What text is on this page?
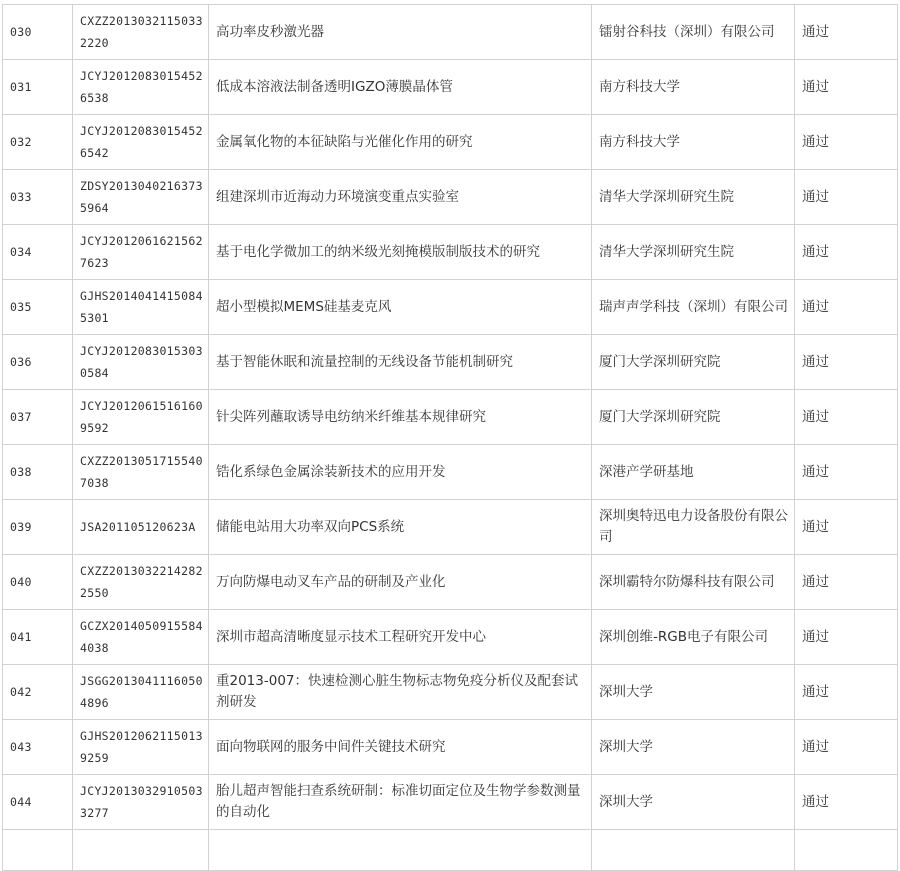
030	CXZZ20130321150332220	高功率皮秒激光器	镭射谷科技（深圳）有限公司	通过
031	JCYJ20120830154526538	低成本溶液法制备透明IGZO薄膜晶体管	南方科技大学	通过
032	JCYJ20120830154526542	金属氧化物的本征缺陷与光催化作用的研究	南方科技大学	通过
033	ZDSY20130402163735964	组建深圳市近海动力环境演变重点实验室	清华大学深圳研究生院	通过
034	JCYJ20120616215627623	基于电化学微加工的纳米级光刻掩模版制版技术的研究	清华大学深圳研究生院	通过
035	GJHS20140414150845301	超小型模拟MEMS硅基麦克风	瑞声声学科技（深圳）有限公司	通过
036	JCYJ20120830153030584	基于智能休眠和流量控制的无线设备节能机制研究	厦门大学深圳研究院	通过
037	JCYJ20120615161609592	针尖阵列蘸取诱导电纺纳米纤维基本规律研究	厦门大学深圳研究院	通过
038	CXZZ20130517155407038	锆化系绿色金属涂装新技术的应用开发	深港产学研基地	通过
039	JSA201105120623A	储能电站用大功率双向PCS系统	深圳奥特迅电力设备股份有限公司	通过
040	CXZZ20130322142822550	万向防爆电动叉车产品的研制及产业化	深圳霸特尔防爆科技有限公司	通过
041	GCZX20140509155844038	深圳市超高清晰度显示技术工程研究开发中心	深圳创维-RGB电子有限公司	通过
042	JSGG20130411160504896	重2013-007：快速检测心脏生物标志物免疫分析仪及配套试剂研发	深圳大学	通过
043	GJHS20120621150139259	面向物联网的服务中间件关键技术研究	深圳大学	通过
044	JCYJ20130329105033277	胎儿超声智能扫查系统研制：标准切面定位及生物学参数测量的自动化	深圳大学	通过
